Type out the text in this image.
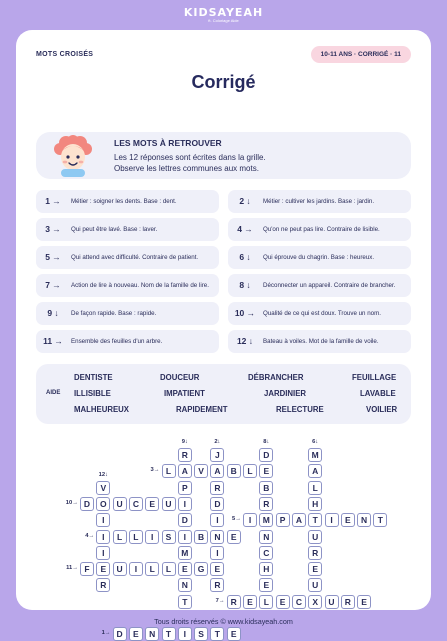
KIDSAYEAH
ft. Coloriage Aide
MOTS CROISÉS	10-11 ANS · CORRIGÉ · 11
Corrigé
LES MOTS À RETROUVER
Les 12 réponses sont écrites dans la grille.
Observe les lettres communes aux mots.
1 →	Métier : soigner les dents. Base : dent.	2 ↓	Métier : cultiver les jardins. Base : jardin.
3 →	Qui peut être lavé. Base : laver.	4 →	Qu'on ne peut pas lire. Contraire de lisible.
5 →	Qui attend avec difficulté. Contraire de patient.	6 ↓	Qui éprouve du chagrin. Base : heureux.
7 →	Action de lire à nouveau. Nom de la famille de lire.	8 ↓	Déconnecter un appareil. Contraire de brancher.
9 ↓	De façon rapide. Base : rapide.	10 →	Qualité de ce qui est doux. Trouve un nom.
11 →	Ensemble des feuilles d'un arbre.	12 ↓	Bateau à voiles. Mot de la famille de voile.
AIDE
DENTISTE	DOUCEUR	DÉBRANCHER	FEUILLAGE
ILLISIBLE	IMPATIENT	JARDINIER	LAVABLE
MALHEUREUX	RAPIDEMENT	RELECTURE	VOILIER
D	E	N	T	I	S	T	E
1→
J
A
R
D
I
N
I
E
R
2↓
L	A	V	B	L	E
3→
I	L	L	I	S	I	B	E
4→
I	M	P	A	T	I	E	N	T
5→
M
A
L
H
U
R
E
U
X
6↓
R	E	L	E	C	U	R	E
7→
D
B
R
N
C
H
E
8↓
R
P
I
D
M
E
N
T
9↓
D	O	U	C	E	U
10→
F	E	U	I	L	L	G
11→
V
I
I
R
12↓
Tous droits réservés © www.kidsayeah.com
